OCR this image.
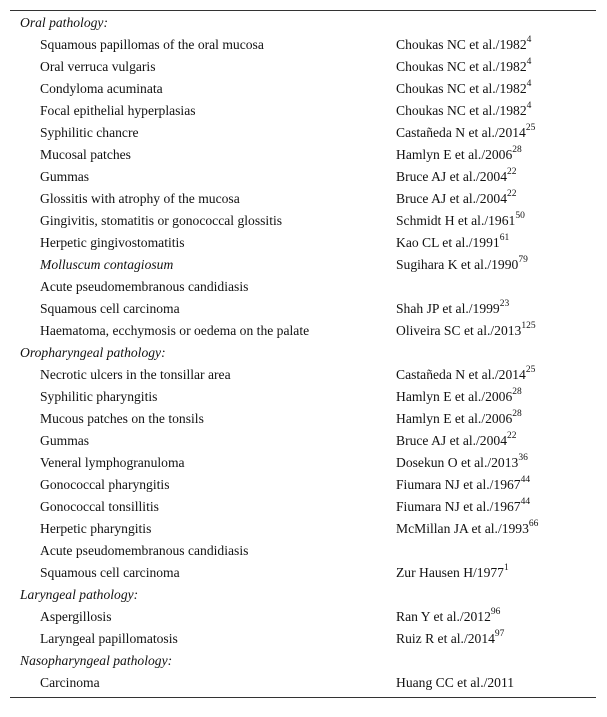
Oral pathology:
Squamous papillomas of the oral mucosa	Choukas NC et al./1982$^4$
Oral verruca vulgaris	Choukas NC et al./1982$^4$
Condyloma acuminata	Choukas NC et al./1982$^4$
Focal epithelial hyperplasias	Choukas NC et al./1982$^4$
Syphilitic chancre	Castañeda N et al./2014$^{25}$
Mucosal patches	Hamlyn E et al./2006$^{28}$
Gummas	Bruce AJ et al./2004$^{22}$
Glossitis with atrophy of the mucosa	Bruce AJ et al./2004$^{22}$
Gingivitis, stomatitis or gonococcal glossitis	Schmidt H et al./1961$^{50}$
Herpetic gingivostomatitis	Kao CL et al./1991$^{61}$
Molluscum contagiosum	Sugihara K et al./1990$^{79}$
Acute pseudomembranous candidiasis
Squamous cell carcinoma	Shah JP et al./1999$^{23}$
Haematoma, ecchymosis or oedema on the palate	Oliveira SC et al./2013$^{125}$
Oropharyngeal pathology:
Necrotic ulcers in the tonsillar area	Castañeda N et al./2014$^{25}$
Syphilitic pharyngitis	Hamlyn E et al./2006$^{28}$
Mucous patches on the tonsils	Hamlyn E et al./2006$^{28}$
Gummas	Bruce AJ et al./2004$^{22}$
Veneral lymphogranuloma	Dosekun O et al./2013$^{36}$
Gonococcal pharyngitis	Fiumara NJ et al./1967$^{44}$
Gonococcal tonsillitis	Fiumara NJ et al./1967$^{44}$
Herpetic pharyngitis	McMillan JA et al./1993$^{66}$
Acute pseudomembranous candidiasis
Squamous cell carcinoma	Zur Hausen H/1977$^1$
Laryngeal pathology:
Aspergillosis	Ran Y et al./2012$^{96}$
Laryngeal papillomatosis	Ruiz R et al./2014$^{97}$
Nasopharyngeal pathology:
Carcinoma	Huang CC et al./2011
